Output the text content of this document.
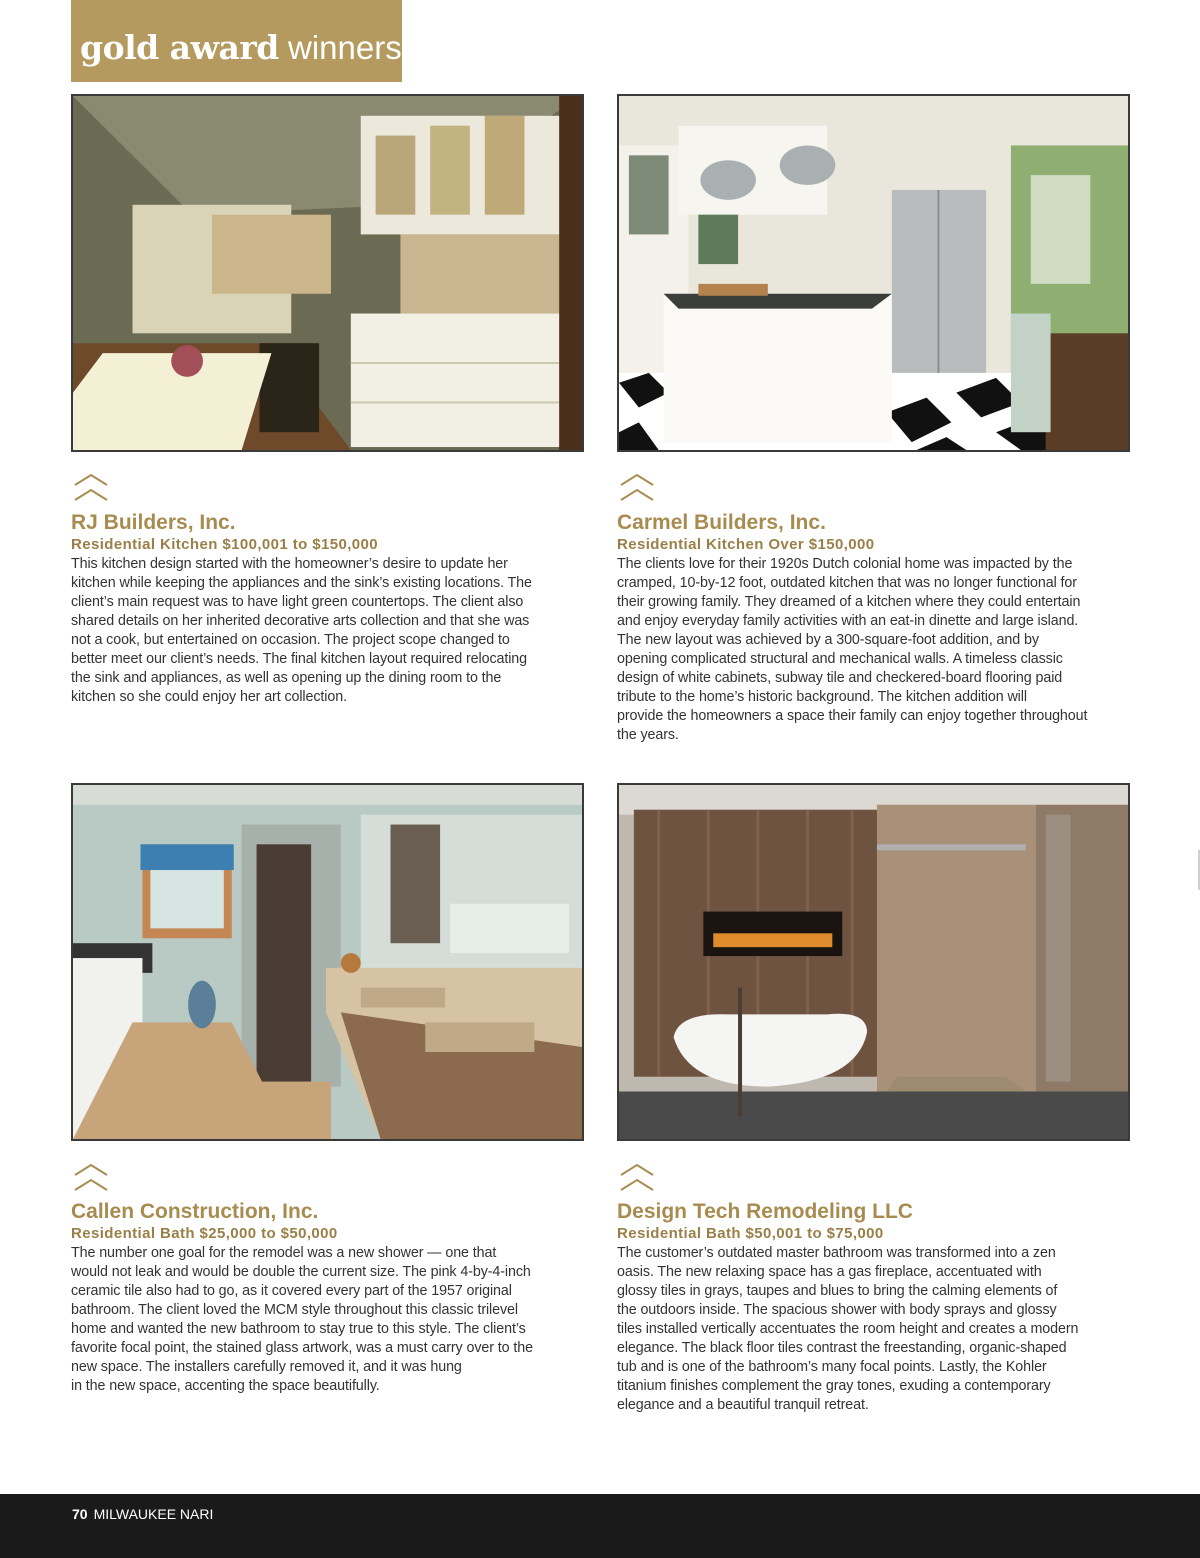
gold award winners
RJ Builders, Inc.
Residential Kitchen $100,001 to $150,000

This kitchen design started with the homeowner’s desire to update her
kitchen while keeping the appliances and the sink’s existing locations. The
client’s main request was to have light green countertops. The client also
shared details on her inherited decorative arts collection and that she was
not a cook, but entertained on occasion. The project scope changed to
better meet our client’s needs. The final kitchen layout required relocating
the sink and appliances, as well as opening up the dining room to the
kitchen so she could enjoy her art collection.

Carmel Builders, Inc.
Residential Kitchen Over $150,000

The clients love for their 1920s Dutch colonial home was impacted by the
cramped, 10-by-12 foot, outdated kitchen that was no longer functional for
their growing family. They dreamed of a kitchen where they could entertain
and enjoy everyday family activities with an eat-in dinette and large island.
The new layout was achieved by a 300-square-foot addition, and by
opening complicated structural and mechanical walls. A timeless classic
design of white cabinets, subway tile and checkered-board flooring paid
tribute to the home’s historic background. The kitchen addition will
provide the homeowners a space their family can enjoy together throughout
the years.

Callen Construction, Inc.
Residential Bath $25,000 to $50,000

The number one goal for the remodel was a new shower — one that
would not leak and would be double the current size. The pink 4-by-4-inch
ceramic tile also had to go, as it covered every part of the 1957 original
bathroom. The client loved the MCM style throughout this classic trilevel
home and wanted the new bathroom to stay true to this style. The client’s
favorite focal point, the stained glass artwork, was a must carry over to the
new space. The installers carefully removed it, and it was hung
in the new space, accenting the space beautifully.

Design Tech Remodeling LLC
Residential Bath $50,001 to $75,000

The customer’s outdated master bathroom was transformed into a zen
oasis. The new relaxing space has a gas fireplace, accentuated with
glossy tiles in grays, taupes and blues to bring the calming elements of
the outdoors inside. The spacious shower with body sprays and glossy
tiles installed vertically accentuates the room height and creates a modern
elegance. The black floor tiles contrast the freestanding, organic-shaped
tub and is one of the bathroom’s many focal points. Lastly, the Kohler
titanium finishes complement the gray tones, exuding a contemporary
elegance and a beautiful tranquil retreat.

70 MILWAUKEE NARI
